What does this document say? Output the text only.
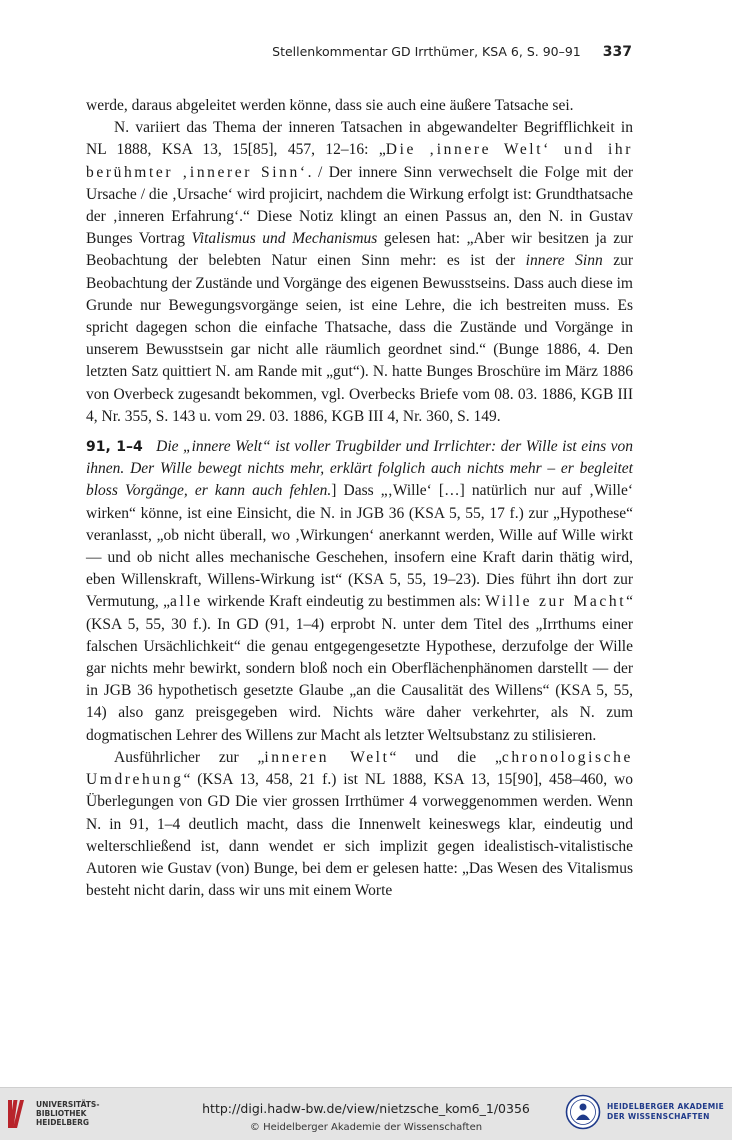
Stellenkommentar GD Irrthümer, KSA 6, S. 90–91 337

werde, daraus abgeleitet werden könne, dass sie auch eine äußere Tatsache sei.

N. variiert das Thema der inneren Tatsachen in abgewandelter Begrifflichkeit in NL 1888, KSA 13, 15[85], 457, 12–16: „Die ‚innere Welt‘ und ihr berühmter ‚innerer Sinn‘. / Der innere Sinn verwechselt die Folge mit der Ursache / die ‚Ursache‘ wird projicirt, nachdem die Wirkung erfolgt ist: Grundthatsache der ‚inneren Erfahrung‘.“ Diese Notiz klingt an einen Passus an, den N. in Gustav Bunges Vortrag Vitalismus und Mechanismus gelesen hat: „Aber wir besitzen ja zur Beobachtung der belebten Natur einen Sinn mehr: es ist der innere Sinn zur Beobachtung der Zustände und Vorgänge des eigenen Bewusstseins. Dass auch diese im Grunde nur Bewegungsvorgänge seien, ist eine Lehre, die ich bestreiten muss. Es spricht dagegen schon die einfache Thatsache, dass die Zustände und Vorgänge in unserem Bewusstsein gar nicht alle räumlich geordnet sind.“ (Bunge 1886, 4. Den letzten Satz quittiert N. am Rande mit „gut“). N. hatte Bunges Broschüre im März 1886 von Overbeck zugesandt bekommen, vgl. Overbecks Briefe vom 08. 03. 1886, KGB III 4, Nr. 355, S. 143 u. vom 29. 03. 1886, KGB III 4, Nr. 360, S. 149.

91, 1–4 Die „innere Welt“ ist voller Trugbilder und Irrlichter: der Wille ist eins von ihnen. Der Wille bewegt nichts mehr, erklärt folglich auch nichts mehr – er begleitet bloss Vorgänge, er kann auch fehlen.] Dass „‚Wille‘ […] natürlich nur auf ‚Wille‘ wirken“ könne, ist eine Einsicht, die N. in JGB 36 (KSA 5, 55, 17 f.) zur „Hypothese“ veranlasst, „ob nicht überall, wo ‚Wirkungen‘ anerkannt werden, Wille auf Wille wirkt — und ob nicht alles mechanische Geschehen, insofern eine Kraft darin thätig wird, eben Willenskraft, Willens-Wirkung ist“ (KSA 5, 55, 19–23). Dies führt ihn dort zur Vermutung, „alle wirkende Kraft eindeutig zu bestimmen als: Wille zur Macht“ (KSA 5, 55, 30 f.). In GD (91, 1–4) erprobt N. unter dem Titel des „Irrthums einer falschen Ursächlichkeit“ die genau entgegengesetzte Hypothese, derzufolge der Wille gar nichts mehr bewirkt, sondern bloß noch ein Oberflächenphänomen darstellt — der in JGB 36 hypothetisch gesetzte Glaube „an die Causalität des Willens“ (KSA 5, 55, 14) also ganz preisgegeben wird. Nichts wäre daher verkehrter, als N. zum dogmatischen Lehrer des Willens zur Macht als letzter Weltsubstanz zu stilisieren.

Ausführlicher zur „inneren Welt“ und die „chronologische Umdrehung“ (KSA 13, 458, 21 f.) ist NL 1888, KSA 13, 15[90], 458–460, wo Überlegungen von GD Die vier grossen Irrthümer 4 vorweggenommen werden. Wenn N. in 91, 1–4 deutlich macht, dass die Innenwelt keineswegs klar, eindeutig und welterschließend ist, dann wendet er sich implizit gegen idealistisch-vitalistische Autoren wie Gustav (von) Bunge, bei dem er gelesen hatte: „Das Wesen des Vitalismus besteht nicht darin, dass wir uns mit einem Worte

UNIVERSITÄTS-
BIBLIOTHEK
HEIDELBERG
http://digi.hadw-bw.de/view/nietzsche_kom6_1/0356
© Heidelberger Akademie der Wissenschaften
HEIDELBERGER AKADEMIE
DER WISSENSCHAFTEN
